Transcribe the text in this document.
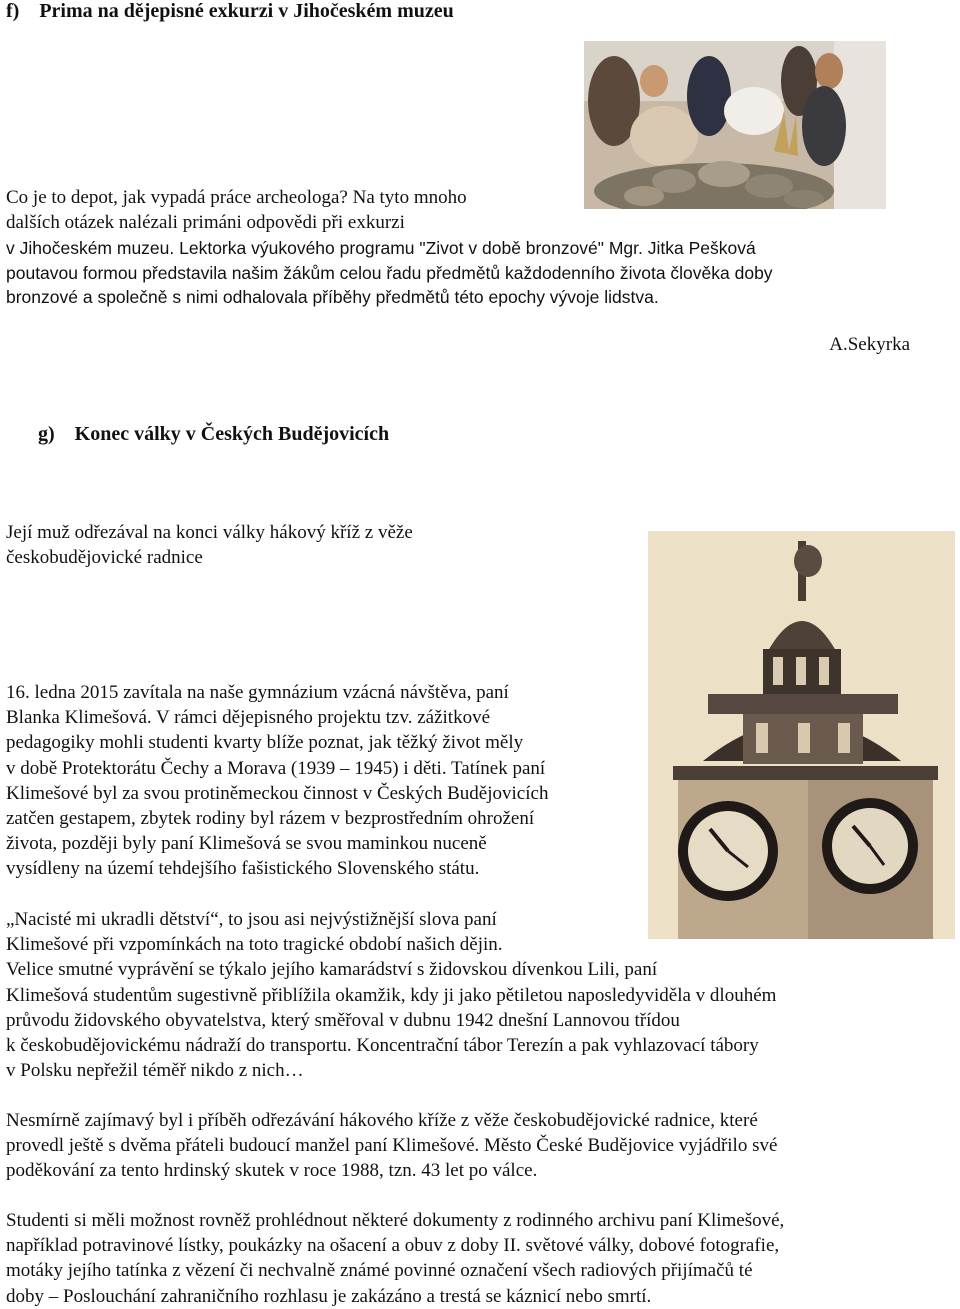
f)    Prima na dějepisné exkurzi v Jihočeském muzeu
Co je to depot, jak vypadá práce archeologa? Na tyto mnoho
dalších otázek nalézali primáni odpovědi při exkurzi
v Jihočeském muzeu. Lektorka výukového programu "Zivot v době bronzové" Mgr. Jitka Pešková
poutavou formou představila našim žákům celou řadu předmětů každodenního života člověka doby
bronzové a společně s nimi odhalovala příběhy předmětů této epochy vývoje lidstva.
A.Sekyrka
g)    Konec války v Českých Budějovicích
Její muž odřezával na konci války hákový kříž z věže
českobudějovické radnice
16. ledna 2015 zavítala na naše gymnázium vzácná návštěva, paní
Blanka Klimešová. V rámci dějepisného projektu tzv. zážitkové
pedagogiky mohli studenti kvarty blíže poznat, jak těžký život měly
v době Protektorátu Čechy a Morava (1939 – 1945) i děti. Tatínek paní
Klimešové byl za svou protiněmeckou činnost v Českých Budějovicích
zatčen gestapem, zbytek rodiny byl rázem v bezprostředním ohrožení
života, později byly paní Klimešová se svou maminkou nuceně
vysídleny na území tehdejšího fašistického Slovenského státu.
„Nacisté mi ukradli dětství“, to jsou asi nejvýstižnější slova paní
Klimešové při vzpomínkách na toto tragické období našich dějin.
Velice smutné vyprávění se týkalo jejího kamarádství s židovskou dívenkou Lili, paní
Klimešová studentům sugestivně přiblížila okamžik, kdy ji jako pětiletou naposledyviděla v dlouhém
průvodu židovského obyvatelstva, který směřoval v dubnu 1942 dnešní Lannovou třídou
k českobudějovickému nádraží do transportu. Koncentrační tábor Terezín a pak vyhlazovací tábory
v Polsku nepřežil téměř nikdo z nich…
Nesmírně zajímavý byl i příběh odřezávání hákového kříže z věže českobudějovické radnice, které
provedl ještě s dvěma přáteli budoucí manžel paní Klimešové. Město České Budějovice vyjádřilo své
poděkování za tento hrdinský skutek v roce 1988, tzn. 43 let po válce.
Studenti si měli možnost rovněž prohlédnout některé dokumenty z rodinného archivu paní Klimešové,
například potravinové lístky, poukázky na ošacení a obuv z doby II. světové války, dobové fotografie,
motáky jejího tatínka z vězení či nechvalně známé povinné označení všech radiových přijímačů té
doby – Poslouchání zahraničního rozhlasu je zakázáno a trestá se káznicí nebo smrtí.
